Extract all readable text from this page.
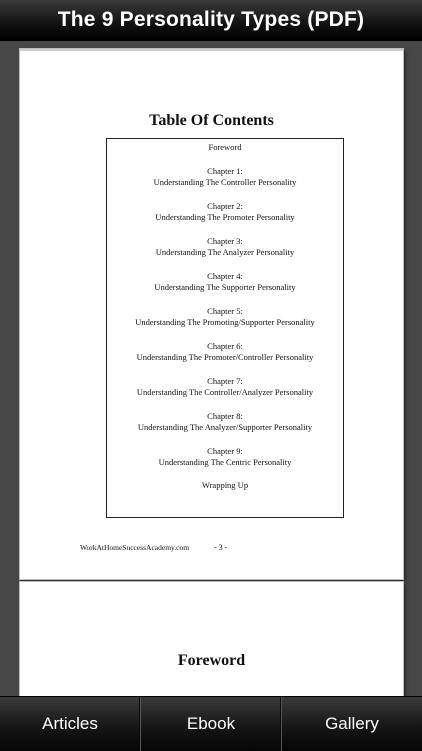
The 9 Personality Types (PDF)
Table Of Contents
Foreword
Chapter 1:
Understanding The Controller Personality
Chapter 2:
Understanding The Promoter Personality
Chapter 3:
Understanding The Analyzer Personality
Chapter 4:
Understanding The Supporter Personality
Chapter 5:
Understanding The Promoting/Supporter Personality
Chapter 6:
Understanding The Promoter/Controller Personality
Chapter 7:
Understanding The Controller/Analyzer Personality
Chapter 8:
Understanding The Analyzer/Supporter Personality
Chapter 9:
Understanding The Centric Personality
Wrapping Up
WorkAtHomeSuccessAcademy.com	- 3 -
Foreword
Articles	Ebook	Gallery
